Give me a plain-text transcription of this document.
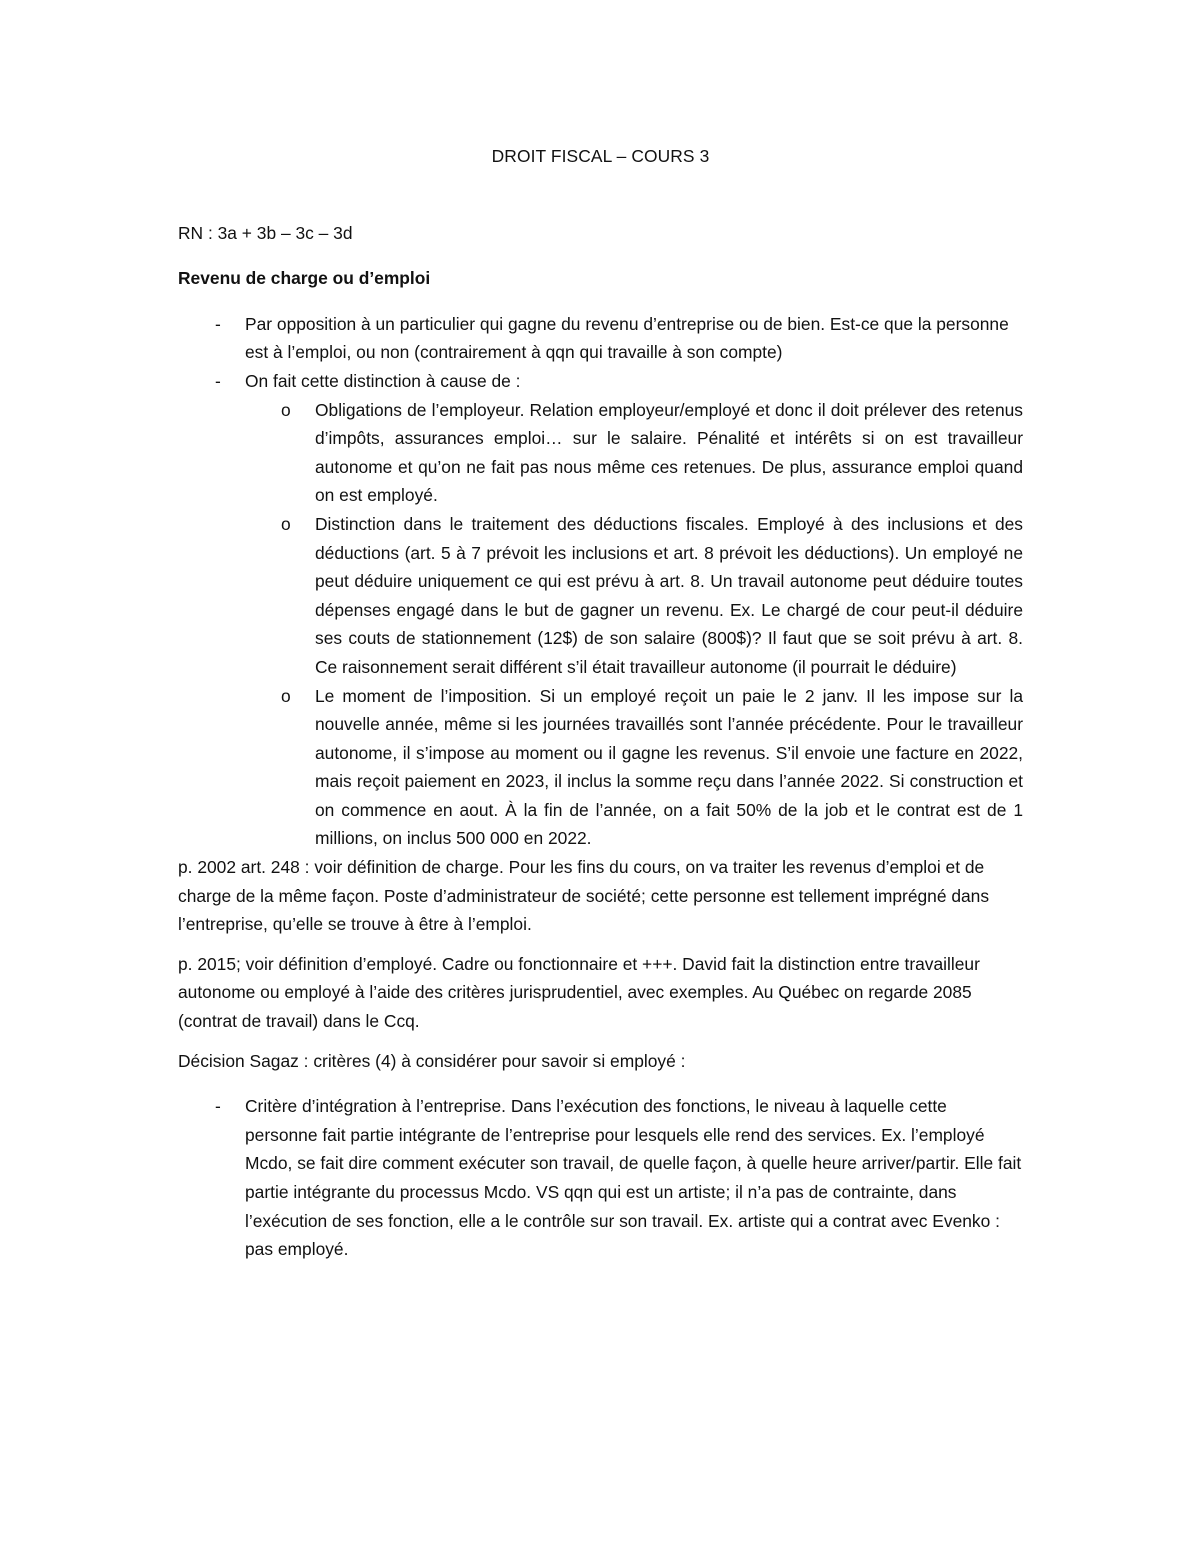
DROIT FISCAL – COURS 3
RN : 3a + 3b – 3c – 3d
Revenu de charge ou d’emploi
- Par opposition à un particulier qui gagne du revenu d’entreprise ou de bien. Est-ce que la personne est à l’emploi, ou non (contrairement à qqn qui travaille à son compte)
- On fait cette distinction à cause de :
o Obligations de l’employeur. Relation employeur/employé et donc il doit prélever des retenus d’impôts, assurances emploi… sur le salaire. Pénalité et intérêts si on est travailleur autonome et qu’on ne fait pas nous même ces retenues. De plus, assurance emploi quand on est employé.
o Distinction dans le traitement des déductions fiscales. Employé à des inclusions et des déductions (art. 5 à 7 prévoit les inclusions et art. 8 prévoit les déductions). Un employé ne peut déduire uniquement ce qui est prévu à art. 8. Un travail autonome peut déduire toutes dépenses engagé dans le but de gagner un revenu. Ex. Le chargé de cour peut-il déduire ses couts de stationnement (12$) de son salaire (800$)? Il faut que se soit prévu à art. 8. Ce raisonnement serait différent s’il était travailleur autonome (il pourrait le déduire)
o Le moment de l’imposition. Si un employé reçoit un paie le 2 janv. Il les impose sur la nouvelle année, même si les journées travaillés sont l’année précédente. Pour le travailleur autonome, il s’impose au moment ou il gagne les revenus. S’il envoie une facture en 2022, mais reçoit paiement en 2023, il inclus la somme reçu dans l’année 2022. Si construction et on commence en aout. À la fin de l’année, on a fait 50% de la job et le contrat est de 1 millions, on inclus 500 000 en 2022.
p. 2002 art. 248 : voir définition de charge. Pour les fins du cours, on va traiter les revenus d’emploi et de charge de la même façon. Poste d’administrateur de société; cette personne est tellement imprégné dans l’entreprise, qu’elle se trouve à être à l’emploi.
p. 2015; voir définition d’employé. Cadre ou fonctionnaire et +++. David fait la distinction entre travailleur autonome ou employé à l’aide des critères jurisprudentiel, avec exemples. Au Québec on regarde 2085 (contrat de travail) dans le Ccq.
Décision Sagaz : critères (4) à considérer pour savoir si employé :
- Critère d’intégration à l’entreprise. Dans l’exécution des fonctions, le niveau à laquelle cette personne fait partie intégrante de l’entreprise pour lesquels elle rend des services. Ex. l’employé Mcdo, se fait dire comment exécuter son travail, de quelle façon, à quelle heure arriver/partir. Elle fait partie intégrante du processus Mcdo. VS qqn qui est un artiste; il n’a pas de contrainte, dans l’exécution de ses fonction, elle a le contrôle sur son travail. Ex. artiste qui a contrat avec Evenko : pas employé.
